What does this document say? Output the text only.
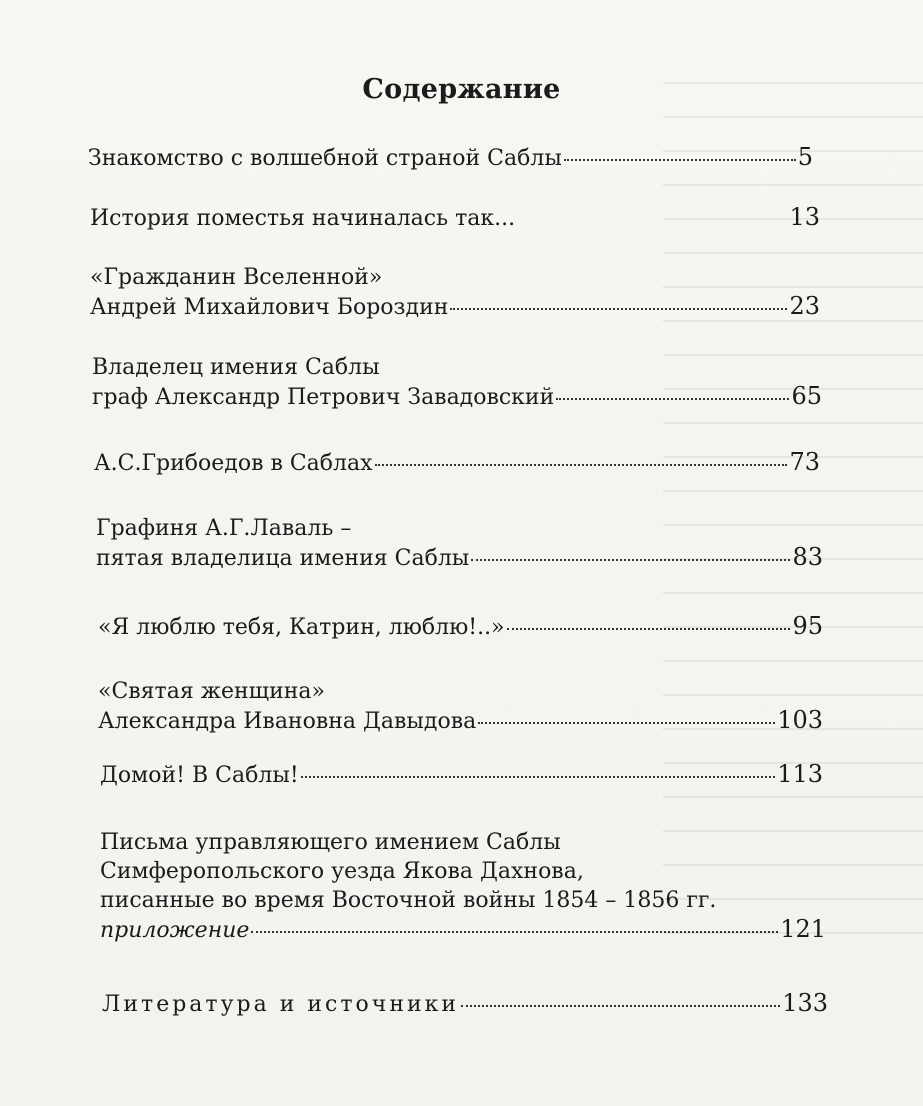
Содержание
Знакомство с волшебной страной Саблы	5
История поместья начиналась так...	13
«Гражданин Вселенной»
Андрей Михайлович Бороздин	23
Владелец имения Саблы
граф Александр Петрович Завадовский	65
А.С.Грибоедов в Саблах	73
Графиня А.Г.Лаваль –
пятая владелица имения Саблы	83
«Я люблю тебя, Катрин, люблю!..»	95
«Святая женщина»
Александра Ивановна Давыдова	103
Домой! В Саблы!	113
Письма управляющего имением Саблы
Симферопольского уезда Якова Дахнова,
писанные во время Восточной войны 1854 – 1856 гг.
приложение	121
Литература и источники	133
